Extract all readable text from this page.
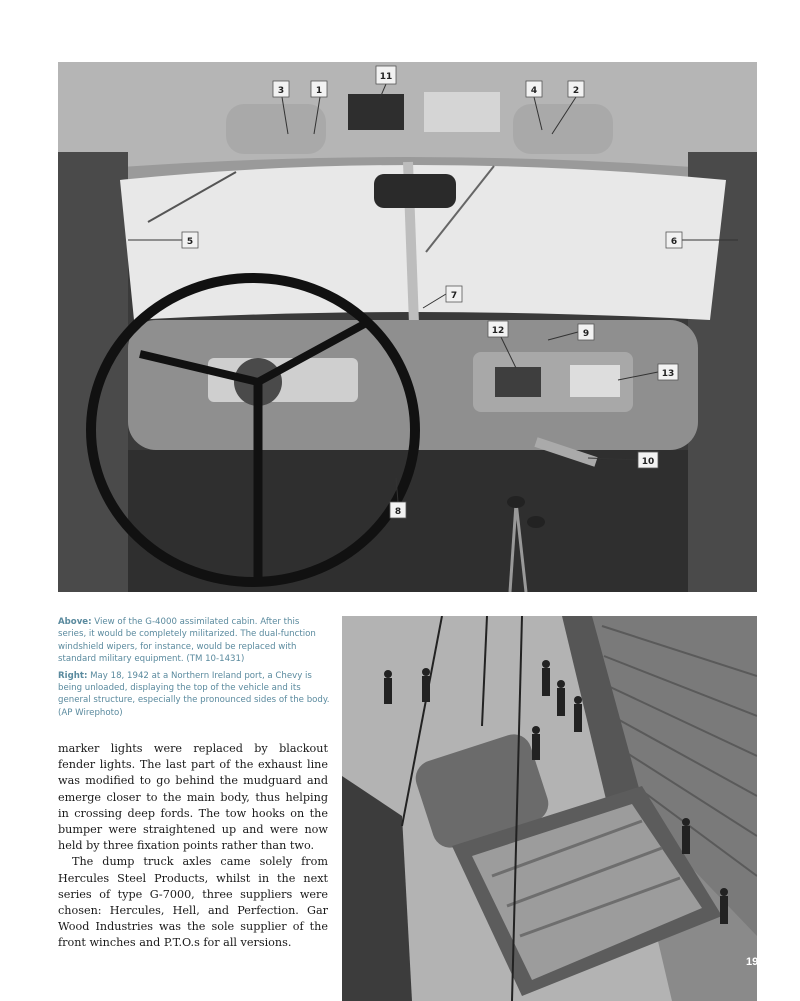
11
3	1	4	2
5	6
7
12	9
13
10
8

Above: View of the G-4000 assimilated cabin. After this series, it would be completely militarized. The dual-function windshield wipers, for instance, would be replaced with standard military equipment. (TM 10-1431)

Right: May 18, 1942 at a Northern Ireland port, a Chevy is being unloaded, displaying the top of the vehicle and its general structure, especially the pronounced sides of the body. (AP Wirephoto)

marker lights were replaced by blackout fender lights. The last part of the exhaust line was modified to go behind the mudguard and emerge closer to the main body, thus helping in crossing deep fords. The tow hooks on the bumper were straightened up and were now held by three fixation points rather than two.

The dump truck axles came solely from Hercules Steel Products, whilst in the next series of type G-7000, three suppliers were chosen: Hercules, Hell, and Perfection. Gar Wood Industries was the sole supplier of the front winches and P.T.O.s for all versions.

19
